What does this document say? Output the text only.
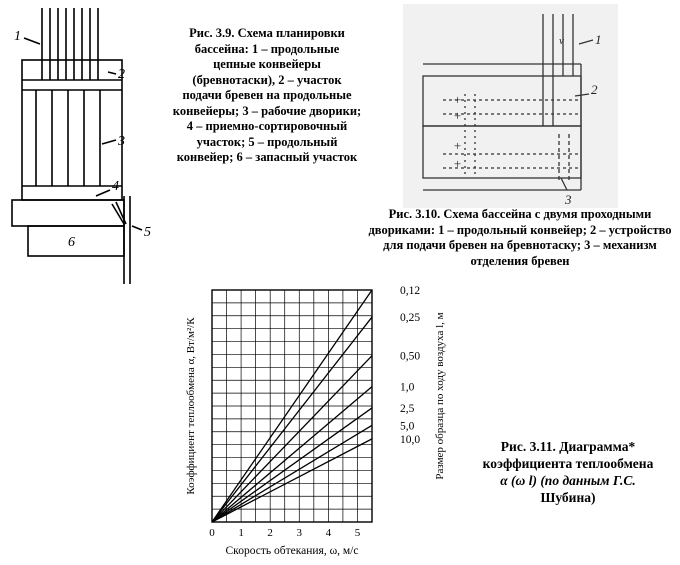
1
2
3
4
5
6
Рис. 3.9. Схема планировки бассейна: 1 – продольные цепные конвейеры (бревнотаски), 2 – участок подачи бревен на продольные конвейеры; 3 – рабочие дворики; 4 – приемно-сортировочный участок; 5 – продольный конвейер; 6 – запасный участок
1
2
3
v
+
+
+
+
Рис. 3.10. Схема бассейна с двумя проходными двориками: 1 – продольный конвейер; 2 – устройство для подачи бревен на бревнотаску; 3 – механизм отделения бревен
0,12
0,25
0,50
1,0
2,5
5,0
10,0
0 1 2 3 4 5
Скорость обтекания, ω, м/с
Коэффициент теплообмена α, Вт/м²/К	Размер образца по ходу воздуха l, м	Рис. 3.11. Диаграмма*
коэффициента теплообмена
α (ω l) (по данным Г.С.
Шубина)
